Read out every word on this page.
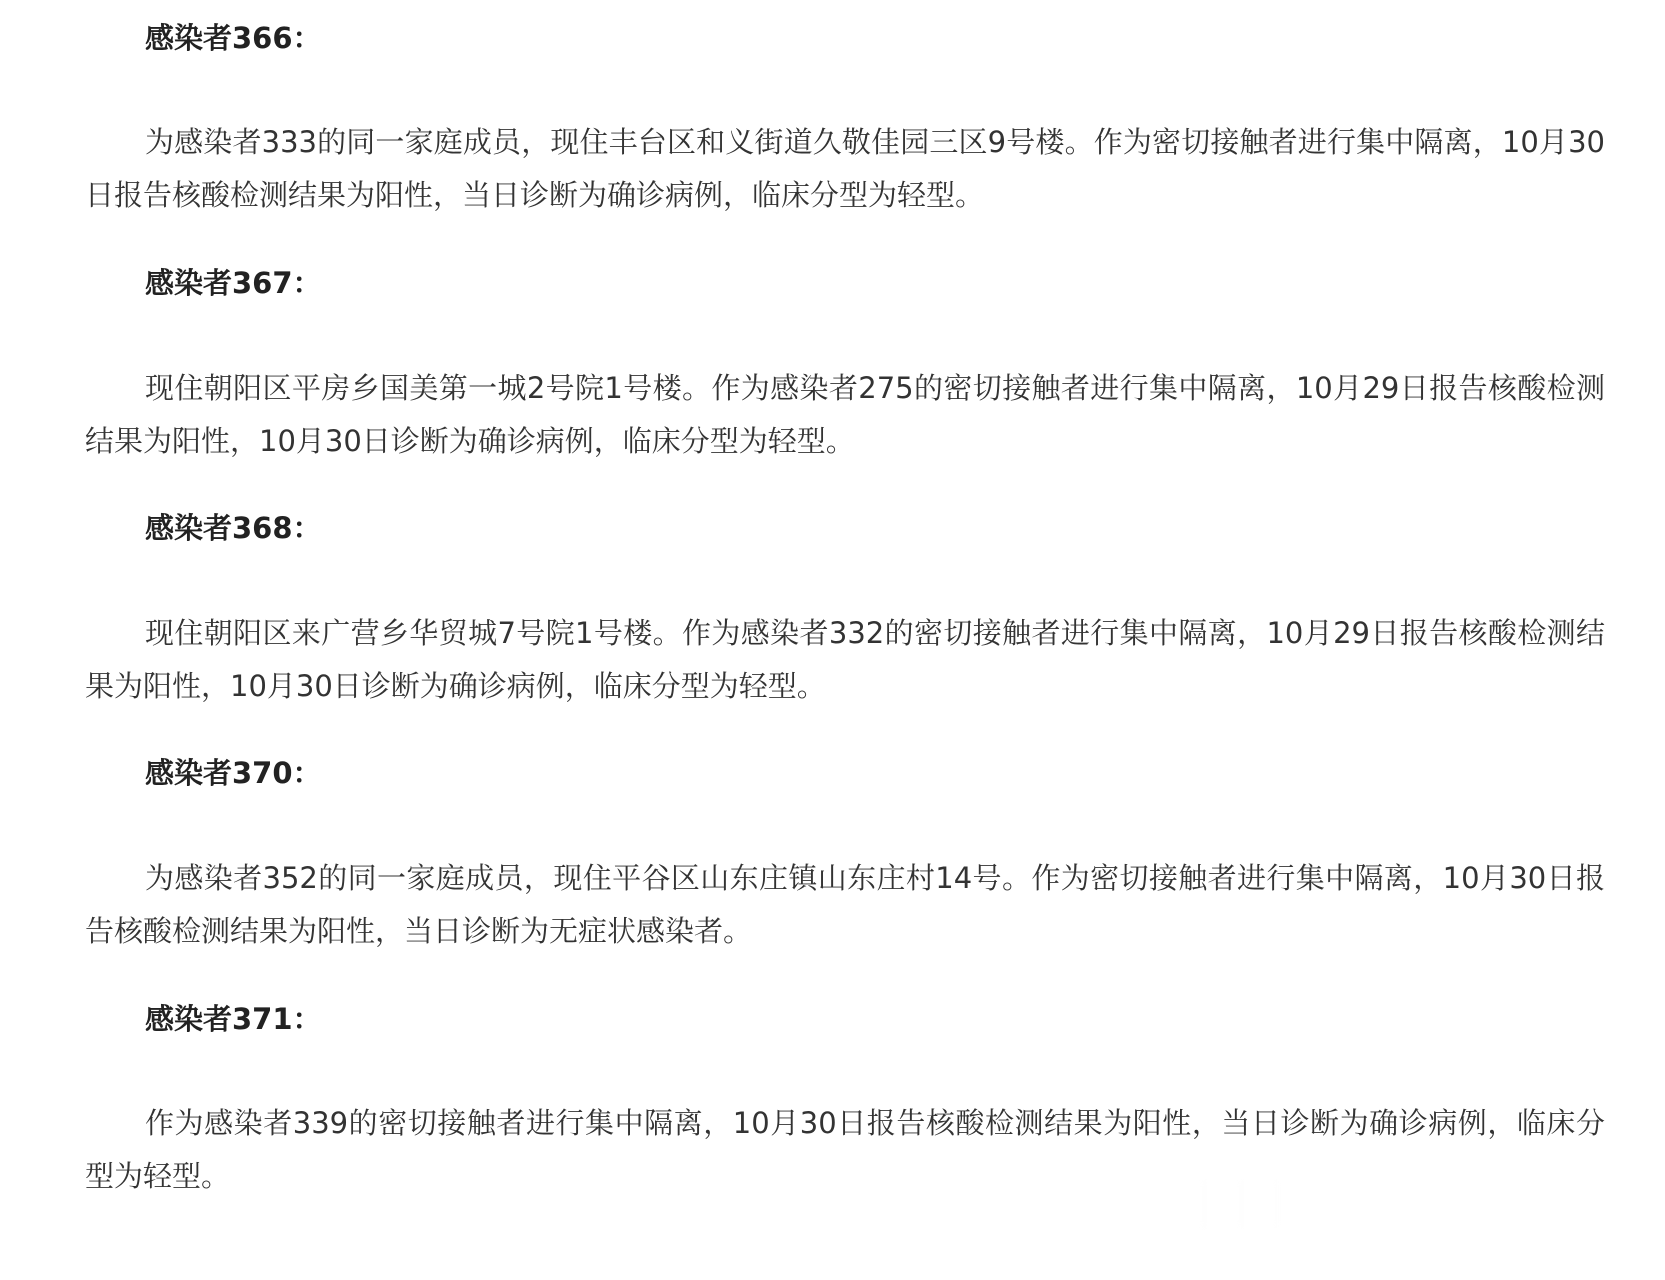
感染者366：

为感染者333的同一家庭成员，现住丰台区和义街道久敬佳园三区9号楼。作为密切接触者进行集中隔离，10月30日报告核酸检测结果为阳性，当日诊断为确诊病例，临床分型为轻型。

感染者367：

现住朝阳区平房乡国美第一城2号院1号楼。作为感染者275的密切接触者进行集中隔离，10月29日报告核酸检测结果为阳性，10月30日诊断为确诊病例，临床分型为轻型。

感染者368：

现住朝阳区来广营乡华贸城7号院1号楼。作为感染者332的密切接触者进行集中隔离，10月29日报告核酸检测结果为阳性，10月30日诊断为确诊病例，临床分型为轻型。

感染者370：

为感染者352的同一家庭成员，现住平谷区山东庄镇山东庄村14号。作为密切接触者进行集中隔离，10月30日报告核酸检测结果为阳性，当日诊断为无症状感染者。

感染者371：

作为感染者339的密切接触者进行集中隔离，10月30日报告核酸检测结果为阳性，当日诊断为确诊病例，临床分型为轻型。
